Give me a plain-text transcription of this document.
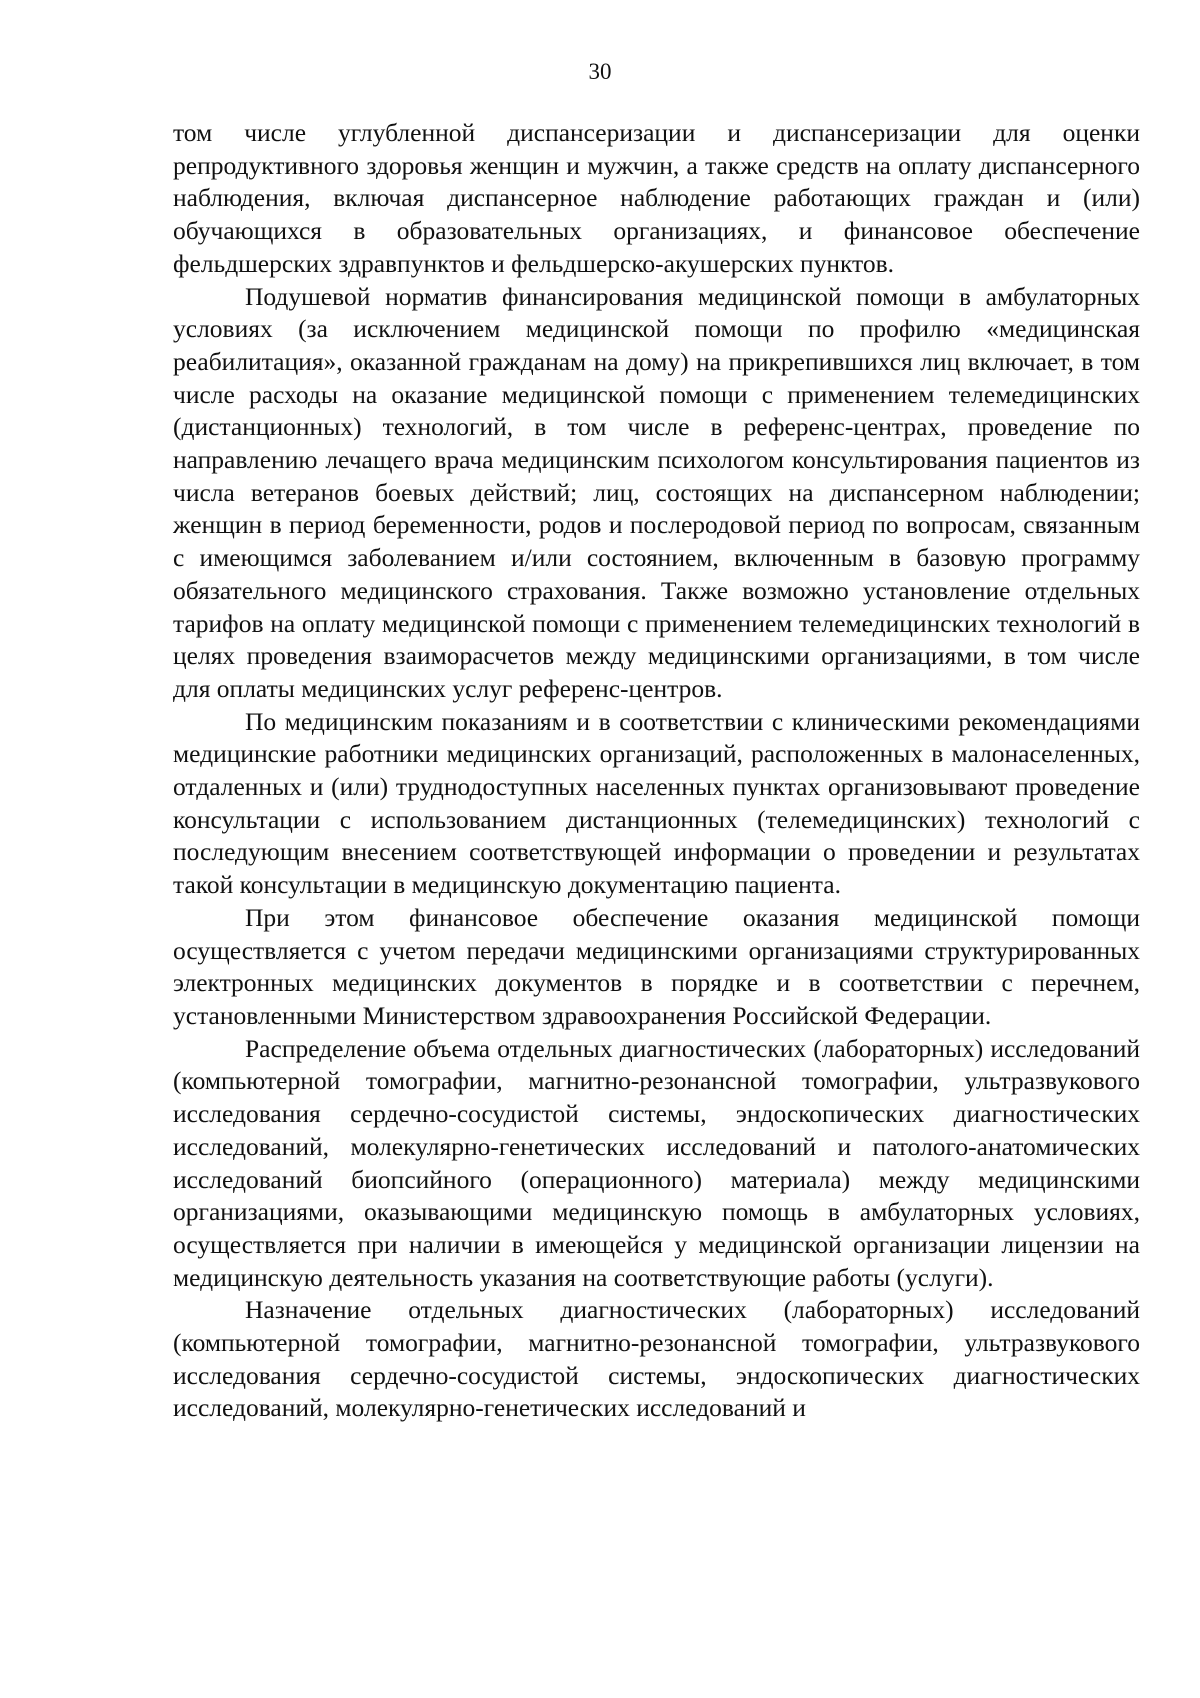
30

том числе углубленной диспансеризации и диспансеризации для оценки репродуктивного здоровья женщин и мужчин, а также средств на оплату диспансерного наблюдения, включая диспансерное наблюдение работающих граждан и (или) обучающихся в образовательных организациях, и финансовое обеспечение фельдшерских здравпунктов и фельдшерско-акушерских пунктов.

Подушевой норматив финансирования медицинской помощи в амбулаторных условиях (за исключением медицинской помощи по профилю «медицинская реабилитация», оказанной гражданам на дому) на прикрепившихся лиц включает, в том числе расходы на оказание медицинской помощи с применением телемедицинских (дистанционных) технологий, в том числе в референс-центрах, проведение по направлению лечащего врача медицинским психологом консультирования пациентов из числа ветеранов боевых действий; лиц, состоящих на диспансерном наблюдении; женщин в период беременности, родов и послеродовой период по вопросам, связанным с имеющимся заболеванием и/или состоянием, включенным в базовую программу обязательного медицинского страхования. Также возможно установление отдельных тарифов на оплату медицинской помощи с применением телемедицинских технологий в целях проведения взаиморасчетов между медицинскими организациями, в том числе для оплаты медицинских услуг референс-центров.

По медицинским показаниям и в соответствии с клиническими рекомендациями медицинские работники медицинских организаций, расположенных в малонаселенных, отдаленных и (или) труднодоступных населенных пунктах организовывают проведение консультации с использованием дистанционных (телемедицинских) технологий с последующим внесением соответствующей информации о проведении и результатах такой консультации в медицинскую документацию пациента.

При этом финансовое обеспечение оказания медицинской помощи осуществляется с учетом передачи медицинскими организациями структурированных электронных медицинских документов в порядке и в соответствии с перечнем, установленными Министерством здравоохранения Российской Федерации.

Распределение объема отдельных диагностических (лабораторных) исследований (компьютерной томографии, магнитно-резонансной томографии, ультразвукового исследования сердечно-сосудистой системы, эндоскопических диагностических исследований, молекулярно-генетических исследований и патолого-анатомических исследований биопсийного (операционного) материала) между медицинскими организациями, оказывающими медицинскую помощь в амбулаторных условиях, осуществляется при наличии в имеющейся у медицинской организации лицензии на медицинскую деятельность указания на соответствующие работы (услуги).

Назначение отдельных диагностических (лабораторных) исследований (компьютерной томографии, магнитно-резонансной томографии, ультразвукового исследования сердечно-сосудистой системы, эндоскопических диагностических исследований, молекулярно-генетических исследований и
